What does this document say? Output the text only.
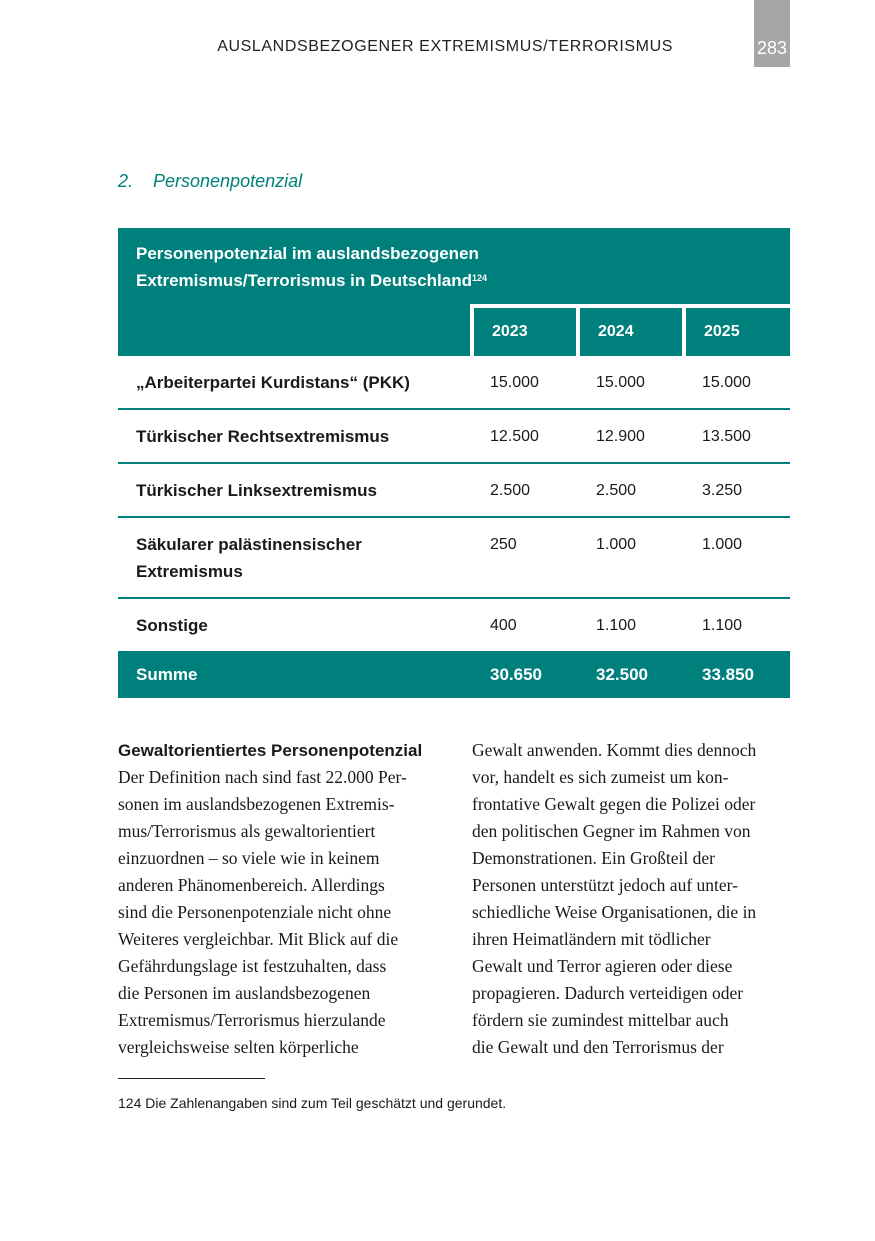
AUSLANDSBEZOGENER EXTREMISMUS/TERRORISMUS	283
2. Personenpotenzial
Personenpotenzial im auslandsbezogenen
Extremismus/Terrorismus in Deutschland$^{124}$
	2023	2024	2025
„Arbeiterpartei Kurdistans“ (PKK)	15.000	15.000	15.000
Türkischer Rechtsextremismus	12.500	12.900	13.500
Türkischer Linksextremismus	2.500	2.500	3.250
Säkularer palästinensischer
Extremismus	250	1.000	1.000
Sonstige	400	1.100	1.100
Summe	30.650	32.500	33.850
Gewaltorientiertes Personenpotenzial
Der Definition nach sind fast 22.000 Per-
sonen im auslandsbezogenen Extremis-
mus/Terrorismus als gewaltorientiert
einzuordnen – so viele wie in keinem
anderen Phänomenbereich. Allerdings
sind die Personenpotenziale nicht ohne
Weiteres vergleichbar. Mit Blick auf die
Gefährdungslage ist festzuhalten, dass
die Personen im auslandsbezogenen
Extremismus/Terrorismus hierzulande
vergleichsweise selten körperliche
Gewalt anwenden. Kommt dies dennoch
vor, handelt es sich zumeist um kon-
frontative Gewalt gegen die Polizei oder
den politischen Gegner im Rahmen von
Demonstrationen. Ein Großteil der
Personen unterstützt jedoch auf unter-
schiedliche Weise Organisationen, die in
ihren Heimatländern mit tödlicher
Gewalt und Terror agieren oder diese
propagieren. Dadurch verteidigen oder
fördern sie zumindest mittelbar auch
die Gewalt und den Terrorismus der
124 Die Zahlenangaben sind zum Teil geschätzt und gerundet.
